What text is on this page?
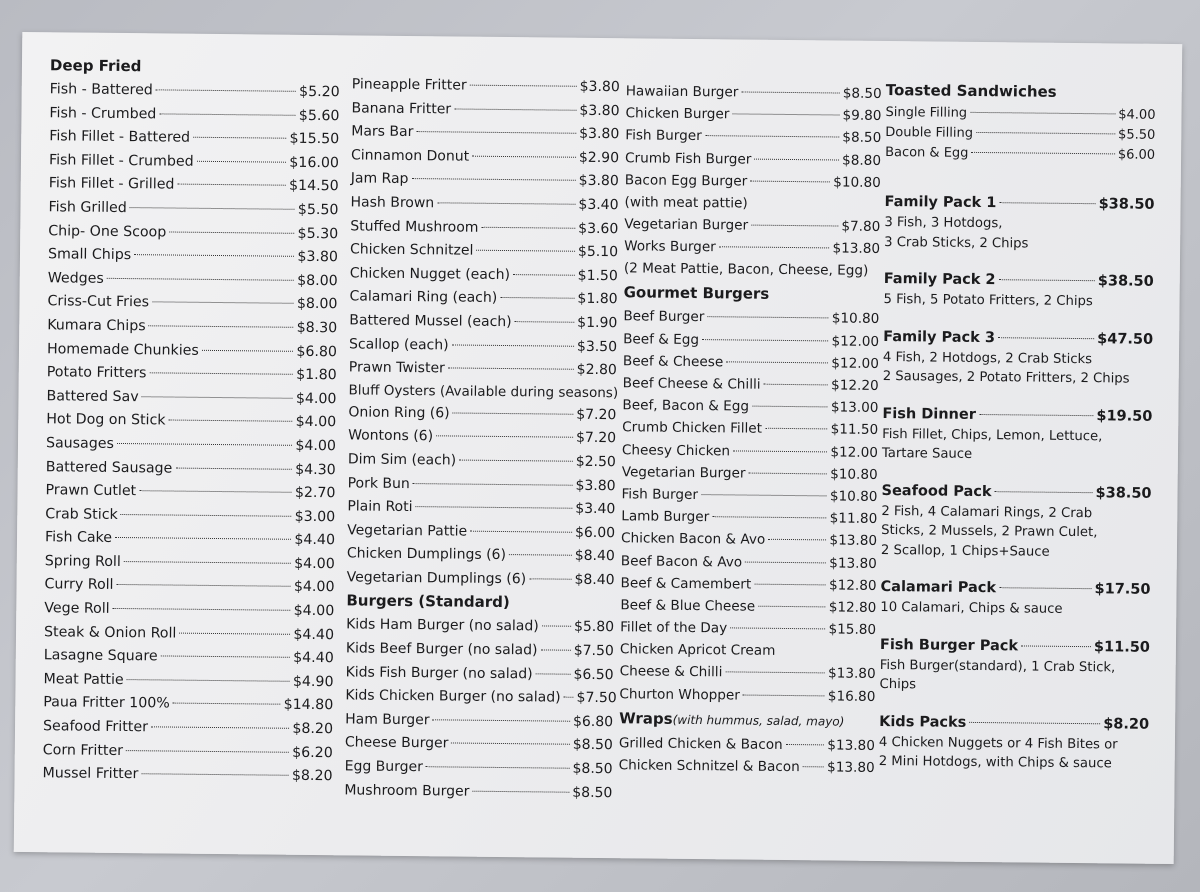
Deep Fried
Fish - Battered	$5.20
Fish - Crumbed	$5.60
Fish Fillet - Battered	$15.50
Fish Fillet - Crumbed	$16.00
Fish Fillet - Grilled	$14.50
Fish Grilled	$5.50
Chip- One Scoop	$5.30
Small Chips	$3.80
Wedges	$8.00
Criss-Cut Fries	$8.00
Kumara Chips	$8.30
Homemade Chunkies	$6.80
Potato Fritters	$1.80
Battered Sav	$4.00
Hot Dog on Stick	$4.00
Sausages	$4.00
Battered Sausage	$4.30
Prawn Cutlet	$2.70
Crab Stick	$3.00
Fish Cake	$4.40
Spring Roll	$4.00
Curry Roll	$4.00
Vege Roll	$4.00
Steak & Onion Roll	$4.40
Lasagne Square	$4.40
Meat Pattie	$4.90
Paua Fritter 100%	$14.80
Seafood Fritter	$8.20
Corn Fritter	$6.20
Mussel Fritter	$8.20
Pineapple Fritter	$3.80
Banana Fritter	$3.80
Mars Bar	$3.80
Cinnamon Donut	$2.90
Jam Rap	$3.80
Hash Brown	$3.40
Stuffed Mushroom	$3.60
Chicken Schnitzel	$5.10
Chicken Nugget (each)	$1.50
Calamari Ring (each)	$1.80
Battered Mussel (each)	$1.90
Scallop (each)	$3.50
Prawn Twister	$2.80
Bluff Oysters (Available during seasons)
Onion Ring (6)	$7.20
Wontons (6)	$7.20
Dim Sim (each)	$2.50
Pork Bun	$3.80
Plain Roti	$3.40
Vegetarian Pattie	$6.00
Chicken Dumplings (6)	$8.40
Vegetarian Dumplings (6)	$8.40
Burgers (Standard)
Kids Ham Burger (no salad)	$5.80
Kids Beef Burger (no salad)	$7.50
Kids Fish Burger (no salad)	$6.50
Kids Chicken Burger (no salad) $7.50
Ham Burger	$6.80
Cheese Burger	$8.50
Egg Burger	$8.50
Mushroom Burger	$8.50
Hawaiian Burger	$8.50
Chicken Burger	$9.80
Fish Burger	$8.50
Crumb Fish Burger	$8.80
Bacon Egg Burger	$10.80
(with meat pattie)
Vegetarian Burger	$7.80
Works Burger	$13.80
(2 Meat Pattie, Bacon, Cheese, Egg)
Gourmet Burgers
Beef Burger	$10.80
Beef & Egg	$12.00
Beef & Cheese	$12.00
Beef Cheese & Chilli	$12.20
Beef, Bacon & Egg	$13.00
Crumb Chicken Fillet	$11.50
Cheesy Chicken	$12.00
Vegetarian Burger	$10.80
Fish Burger	$10.80
Lamb Burger	$11.80
Chicken Bacon & Avo	$13.80
Beef Bacon & Avo	$13.80
Beef & Camembert	$12.80
Beef & Blue Cheese	$12.80
Fillet of the Day	$15.80
Chicken Apricot Cream
Cheese & Chilli	$13.80
Churton Whopper	$16.80
Wraps(with hummus, salad, mayo)
Grilled Chicken & Bacon	$13.80
Chicken Schnitzel & Bacon $13.80
Toasted Sandwiches
Single Filling	$4.00
Double Filling	$5.50
Bacon & Egg	$6.00
Family Pack 1	$38.50
3 Fish, 3 Hotdogs,
3 Crab Sticks, 2 Chips
Family Pack 2	$38.50
5 Fish, 5 Potato Fritters, 2 Chips
Family Pack 3	$47.50
4 Fish, 2 Hotdogs, 2 Crab Sticks
2 Sausages, 2 Potato Fritters, 2 Chips
Fish Dinner	$19.50
Fish Fillet, Chips, Lemon, Lettuce,
Tartare Sauce
Seafood Pack	$38.50
2 Fish, 4 Calamari Rings, 2 Crab
Sticks, 2 Mussels, 2 Prawn Culet,
2 Scallop, 1 Chips+Sauce
Calamari Pack	$17.50
10 Calamari, Chips & sauce
Fish Burger Pack	$11.50
Fish Burger(standard), 1 Crab Stick,
Chips
Kids Packs	$8.20
4 Chicken Nuggets or 4 Fish Bites or
2 Mini Hotdogs, with Chips & sauce
